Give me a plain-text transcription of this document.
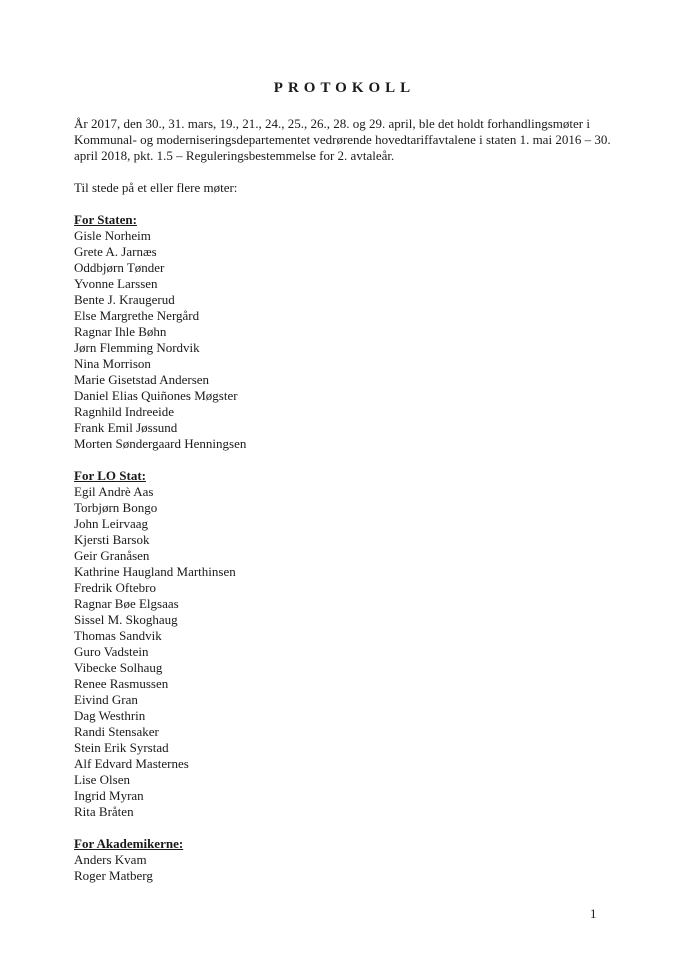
PROTOKOLL

År 2017, den 30., 31. mars, 19., 21., 24., 25., 26., 28. og 29. april, ble det holdt forhandlingsmøter i Kommunal- og moderniseringsdepartementet vedrørende hovedtariffavtalene i staten 1. mai 2016 – 30. april 2018, pkt. 1.5 – Reguleringsbestemmelse for 2. avtaleår.

Til stede på et eller flere møter:

For Staten:
Gisle Norheim
Grete A. Jarnæs
Oddbjørn Tønder
Yvonne Larssen
Bente J. Kraugerud
Else Margrethe Nergård
Ragnar Ihle Bøhn
Jørn Flemming Nordvik
Nina Morrison
Marie Gisetstad Andersen
Daniel Elias Quiñones Møgster
Ragnhild Indreeide
Frank Emil Jøssund
Morten Søndergaard Henningsen
For LO Stat:
Egil Andrè Aas
Torbjørn Bongo
John Leirvaag
Kjersti Barsok
Geir Granåsen
Kathrine Haugland Marthinsen
Fredrik Oftebro
Ragnar Bøe Elgsaas
Sissel M. Skoghaug
Thomas Sandvik
Guro Vadstein
Vibecke Solhaug
Renee Rasmussen
Eivind Gran
Dag Westhrin
Randi Stensaker
Stein Erik Syrstad
Alf Edvard Masternes
Lise Olsen
Ingrid Myran
Rita Bråten
For Akademikerne:
Anders Kvam
Roger Matberg
1
